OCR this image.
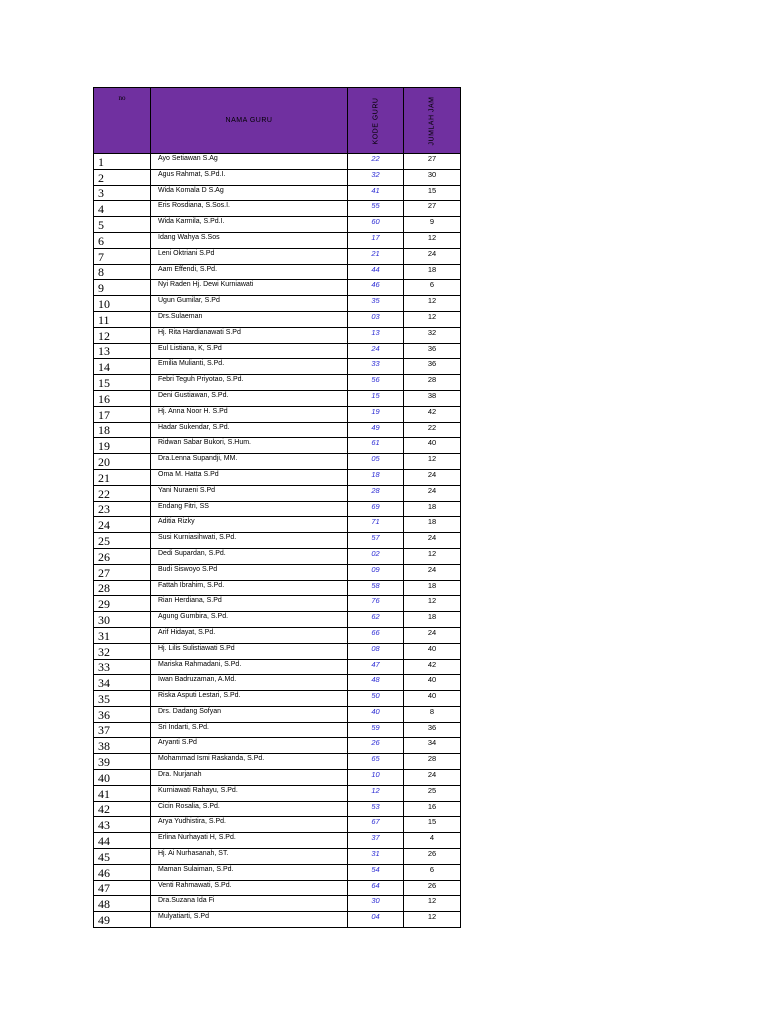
no	NAMA GURU	KODE GURU	JUMLAH JAM

1	Ayo Setiawan S.Ag	22	27
2	Agus Rahmat, S.Pd.I.	32	30
3	Wida Komala D S.Ag	41	15
4	Eris Rosdiana, S.Sos.I.	55	27
5	Wida Karmila, S.Pd.I.	60	9
6	Idang Wahya S.Sos	17	12
7	Leni Oktriani S.Pd	21	24
8	Aam Effendi, S.Pd.	44	18
9	Nyi Raden Hj. Dewi Kurniawati	46	6
10	Ugun Gumilar, S.Pd	35	12
11	Drs.Sulaeman	03	12
12	Hj. Rita Hardianawati S.Pd	13	32
13	Eul Listiana, K, S.Pd	24	36
14	Emilia Mulianti, S.Pd.	33	36
15	Febri Teguh Priyotao, S.Pd.	56	28
16	Deni Gustiawan, S.Pd.	15	38
17	Hj. Anna Noor H. S.Pd	19	42
18	Hadar Sukendar, S.Pd.	49	22
19	Ridwan Sabar Bukori, S.Hum.	61	40
20	Dra.Lenna Supandji, MM.	05	12
21	Oma M. Hatta S.Pd	18	24
22	Yani Nuraeni S.Pd	28	24
23	Endang Fitri, SS	69	18
24	Aditia Rizky	71	18
25	Susi Kurniasihwati, S.Pd.	57	24
26	Dedi Supardan, S.Pd.	02	12
27	Budi Siswoyo S.Pd	09	24
28	Fattah Ibrahim, S.Pd.	58	18
29	Rian Herdiana, S.Pd	76	12
30	Agung Gumbira, S.Pd.	62	18
31	Arif Hidayat, S.Pd.	66	24
32	Hj. Lilis Sulistiawati S.Pd	08	40
33	Mariska Rahmadani, S.Pd.	47	42
34	Iwan Badruzaman, A.Md.	48	40
35	Riska Asputi Lestari, S.Pd.	50	40
36	Drs. Dadang Sofyan	40	8
37	Sri Indarti, S.Pd.	59	36
38	Aryanti S.Pd	26	34
39	Mohammad Ismi Raskanda, S.Pd.	65	28
40	Dra. Nurjanah	10	24
41	Kurniawati Rahayu, S.Pd.	12	25
42	Cicin Rosalia, S.Pd.	53	16
43	Arya Yudhistira, S.Pd.	67	15
44	Erlina Nurhayati H, S.Pd.	37	4
45	Hj. Ai Nurhasanah, ST.	31	26
46	Maman Sulaiman, S.Pd.	54	6
47	Venti Rahmawati, S.Pd.	64	26
48	Dra.Suzana Ida Fi	30	12
49	Mulyatiarti, S.Pd	04	12
